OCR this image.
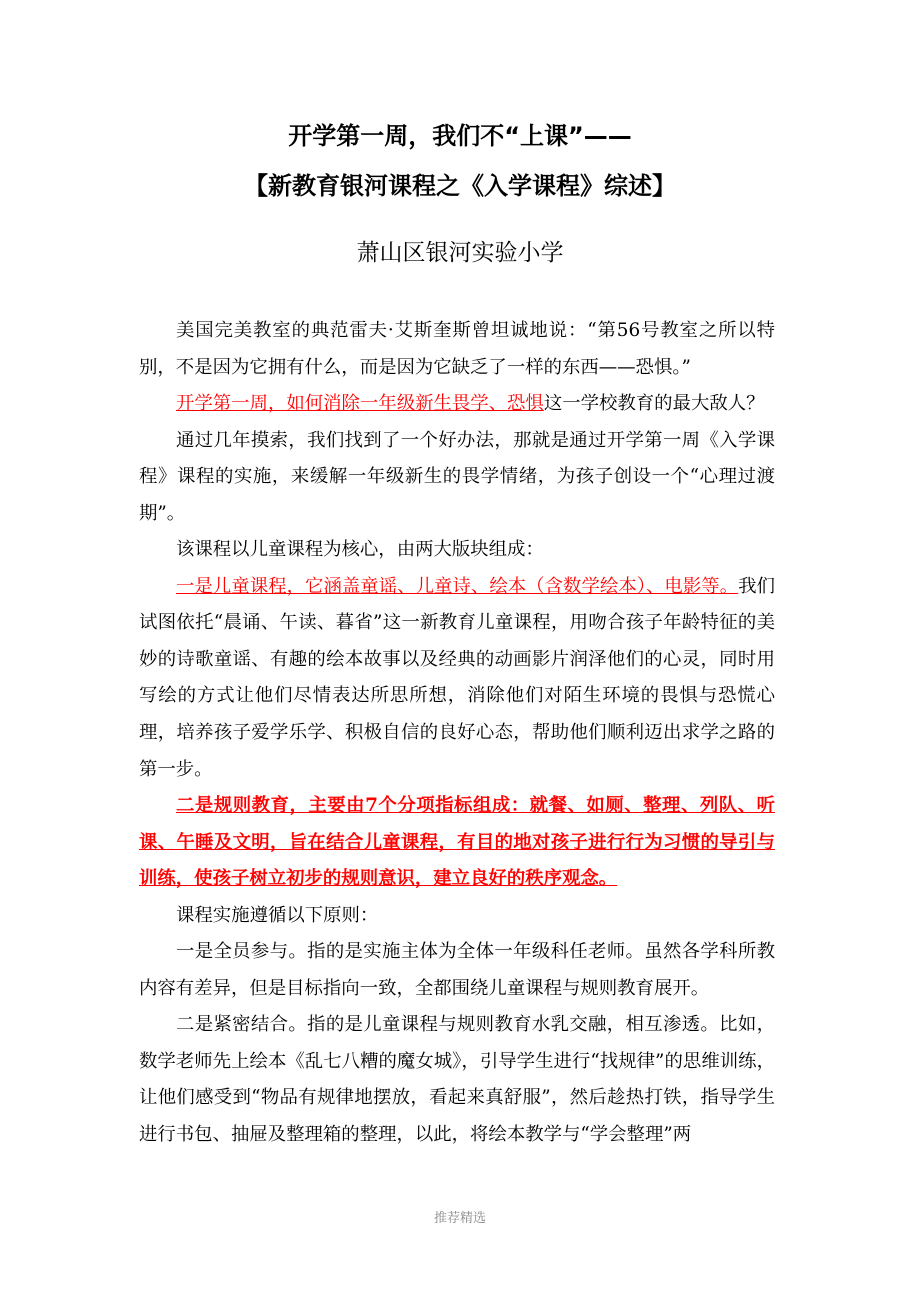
开学第一周，我们不“上课”——
【新教育银河课程之《入学课程》综述】
萧山区银河实验小学

美国完美教室的典范雷夫·艾斯奎斯曾坦诚地说：“第56号教室之所以特别，不是因为它拥有什么，而是因为它缺乏了一样的东西——恐惧。”

开学第一周，如何消除一年级新生畏学、恐惧这一学校教育的最大敌人？

通过几年摸索，我们找到了一个好办法，那就是通过开学第一周《入学课程》课程的实施，来缓解一年级新生的畏学情绪，为孩子创设一个“心理过渡期”。

该课程以儿童课程为核心，由两大版块组成：

一是儿童课程，它涵盖童谣、儿童诗、绘本（含数学绘本）、电影等。我们试图依托“晨诵、午读、暮省”这一新教育儿童课程，用吻合孩子年龄特征的美妙的诗歌童谣、有趣的绘本故事以及经典的动画影片润泽他们的心灵，同时用写绘的方式让他们尽情表达所思所想，消除他们对陌生环境的畏惧与恐慌心理，培养孩子爱学乐学、积极自信的良好心态，帮助他们顺利迈出求学之路的第一步。

二是规则教育，主要由7个分项指标组成：就餐、如厕、整理、列队、听课、午睡及文明，旨在结合儿童课程，有目的地对孩子进行行为习惯的导引与训练，使孩子树立初步的规则意识，建立良好的秩序观念。

课程实施遵循以下原则：

一是全员参与。指的是实施主体为全体一年级科任老师。虽然各学科所教内容有差异，但是目标指向一致，全都围绕儿童课程与规则教育展开。

二是紧密结合。指的是儿童课程与规则教育水乳交融，相互渗透。比如，数学老师先上绘本《乱七八糟的魔女城》，引导学生进行“找规律”的思维训练，让他们感受到“物品有规律地摆放，看起来真舒服”，然后趁热打铁，指导学生进行书包、抽屉及整理箱的整理，以此，将绘本教学与“学会整理”两

推荐精选
